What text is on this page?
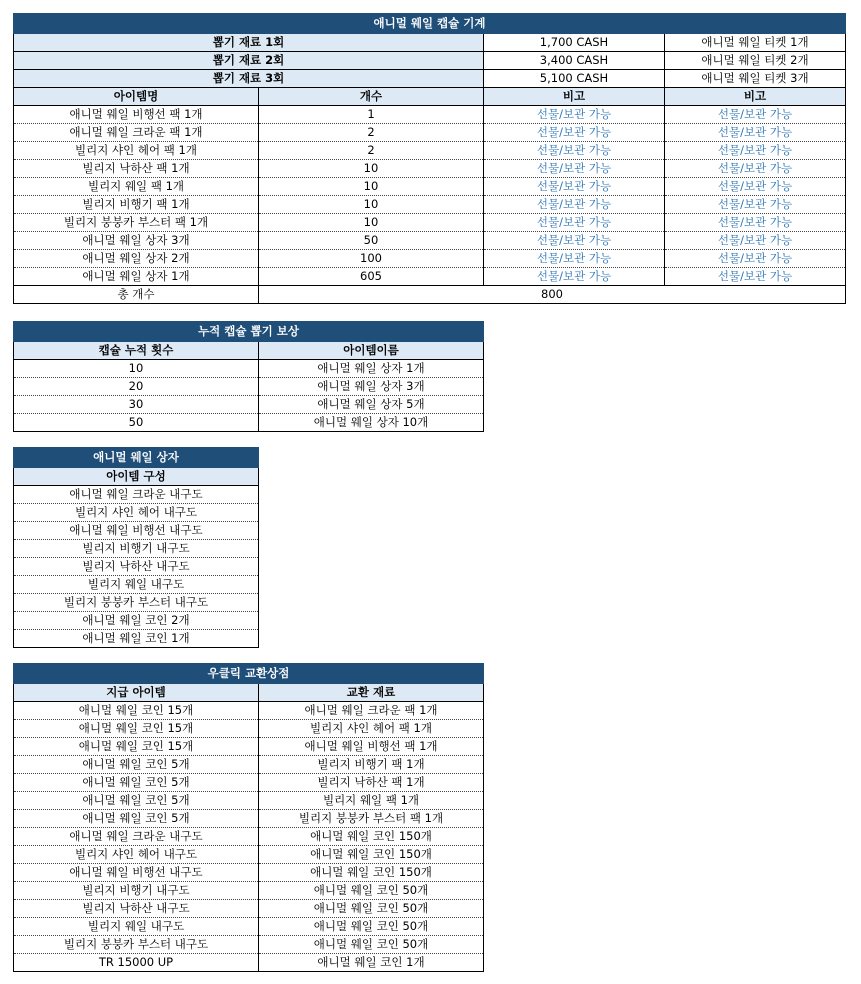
애니멀 웨일 캡슐 기계			
뽑기 재료 1회		1,700 CASH	애니멀 웨일 티켓 1개
뽑기 재료 2회		3,400 CASH	애니멀 웨일 티켓 2개
뽑기 재료 3회		5,100 CASH	애니멀 웨일 티켓 3개
아이템명	개수	비고	비고
애니멀 웨일 비행선 팩 1개	1	선물/보관 가능	선물/보관 가능
애니멀 웨일 크라운 팩 1개	2	선물/보관 가능	선물/보관 가능
빌리지 샤인 헤어 팩 1개	2	선물/보관 가능	선물/보관 가능
빌리지 낙하산 팩 1개	10	선물/보관 가능	선물/보관 가능
빌리지 웨일 팩 1개	10	선물/보관 가능	선물/보관 가능
빌리지 비행기 팩 1개	10	선물/보관 가능	선물/보관 가능
빌리지 붕붕카 부스터 팩 1개	10	선물/보관 가능	선물/보관 가능
애니멀 웨일 상자 3개	50	선물/보관 가능	선물/보관 가능
애니멀 웨일 상자 2개	100	선물/보관 가능	선물/보관 가능
애니멀 웨일 상자 1개	605	선물/보관 가능	선물/보관 가능
총 개수	800		
누적 캡슐 뽑기 보상	
캡슐 누적 횟수	아이템이름
10	애니멀 웨일 상자 1개
20	애니멀 웨일 상자 3개
30	애니멀 웨일 상자 5개
50	애니멀 웨일 상자 10개
애니멀 웨일 상자
아이템 구성
애니멀 웨일 크라운 내구도
빌리지 샤인 헤어 내구도
애니멀 웨일 비행선 내구도
빌리지 비행기 내구도
빌리지 낙하산 내구도
빌리지 웨일 내구도
빌리지 붕붕카 부스터 내구도
애니멀 웨일 코인 2개
애니멀 웨일 코인 1개
우클릭 교환상점	
지급 아이템	교환 재료
애니멀 웨일 코인 15개	애니멀 웨일 크라운 팩 1개
애니멀 웨일 코인 15개	빌리지 샤인 헤어 팩 1개
애니멀 웨일 코인 15개	애니멀 웨일 비행선 팩 1개
애니멀 웨일 코인 5개	빌리지 비행기 팩 1개
애니멀 웨일 코인 5개	빌리지 낙하산 팩 1개
애니멀 웨일 코인 5개	빌리지 웨일 팩 1개
애니멀 웨일 코인 5개	빌리지 붕붕카 부스터 팩 1개
애니멀 웨일 크라운 내구도	애니멀 웨일 코인 150개
빌리지 샤인 헤어 내구도	애니멀 웨일 코인 150개
애니멀 웨일 비행선 내구도	애니멀 웨일 코인 150개
빌리지 비행기 내구도	애니멀 웨일 코인 50개
빌리지 낙하산 내구도	애니멀 웨일 코인 50개
빌리지 웨일 내구도	애니멀 웨일 코인 50개
빌리지 붕붕카 부스터 내구도	애니멀 웨일 코인 50개
TR 15000 UP	애니멀 웨일 코인 1개
